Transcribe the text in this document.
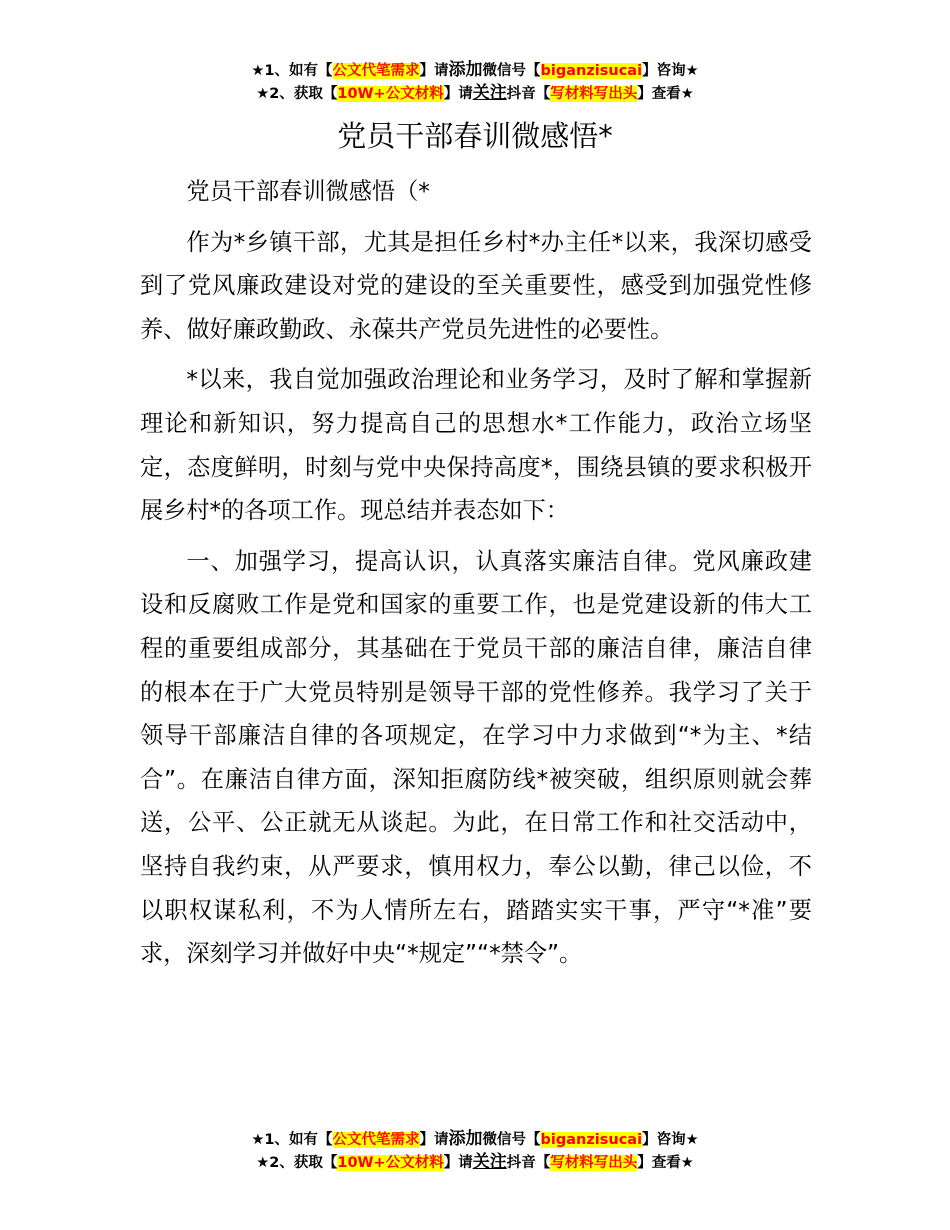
★1、如有【公文代笔需求】请添加微信号【biganzisucai】咨询★
★2、获取【10W+公文材料】请关注抖音【写材料写出头】查看★
党员干部春训微感悟*

党员干部春训微感悟（*

作为*乡镇干部，尤其是担任乡村*办主任*以来，我深切感受到了党风廉政建设对党的建设的至关重要性，感受到加强党性修养、做好廉政勤政、永葆共产党员先进性的必要性。

*以来，我自觉加强政治理论和业务学习，及时了解和掌握新理论和新知识，努力提高自己的思想水*工作能力，政治立场坚定，态度鲜明，时刻与党中央保持高度*，围绕县镇的要求积极开展乡村*的各项工作。现总结并表态如下：

一、加强学习，提高认识，认真落实廉洁自律。党风廉政建设和反腐败工作是党和国家的重要工作，也是党建设新的伟大工程的重要组成部分，其基础在于党员干部的廉洁自律，廉洁自律的根本在于广大党员特别是领导干部的党性修养。我学习了关于领导干部廉洁自律的各项规定，在学习中力求做到“*为主、*结合”。在廉洁自律方面，深知拒腐防线*被突破，组织原则就会葬送，公平、公正就无从谈起。为此，在日常工作和社交活动中，坚持自我约束，从严要求，慎用权力，奉公以勤，律己以俭，不以职权谋私利，不为人情所左右，踏踏实实干事，严守“*准”要求，深刻学习并做好中央“*规定”“*禁令”。

★1、如有【公文代笔需求】请添加微信号【biganzisucai】咨询★
★2、获取【10W+公文材料】请关注抖音【写材料写出头】查看★
